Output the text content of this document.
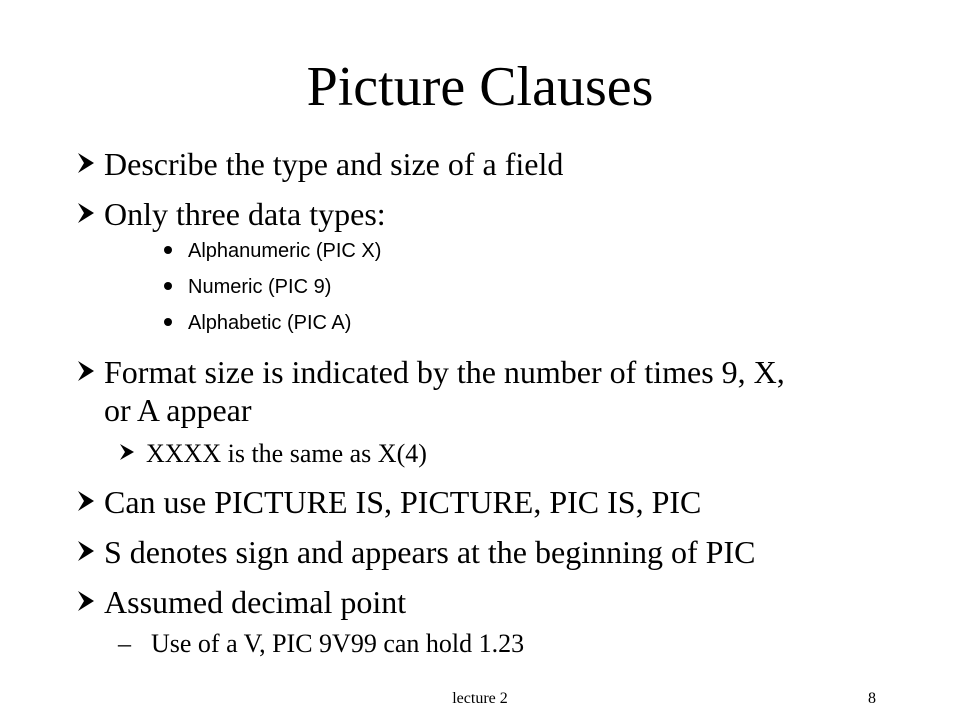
Picture Clauses
Describe the type and size of a field
Only three data types:
Alphanumeric (PIC X)
Numeric (PIC 9)
Alphabetic (PIC A)
Format size is indicated by the number of times 9, X,
or A appear
XXXX is the same as X(4)
Can use PICTURE IS, PICTURE, PIC IS, PIC
S denotes sign and appears at the beginning of PIC
Assumed decimal point
– Use of a V, PIC 9V99 can hold 1.23
lecture 2	8
